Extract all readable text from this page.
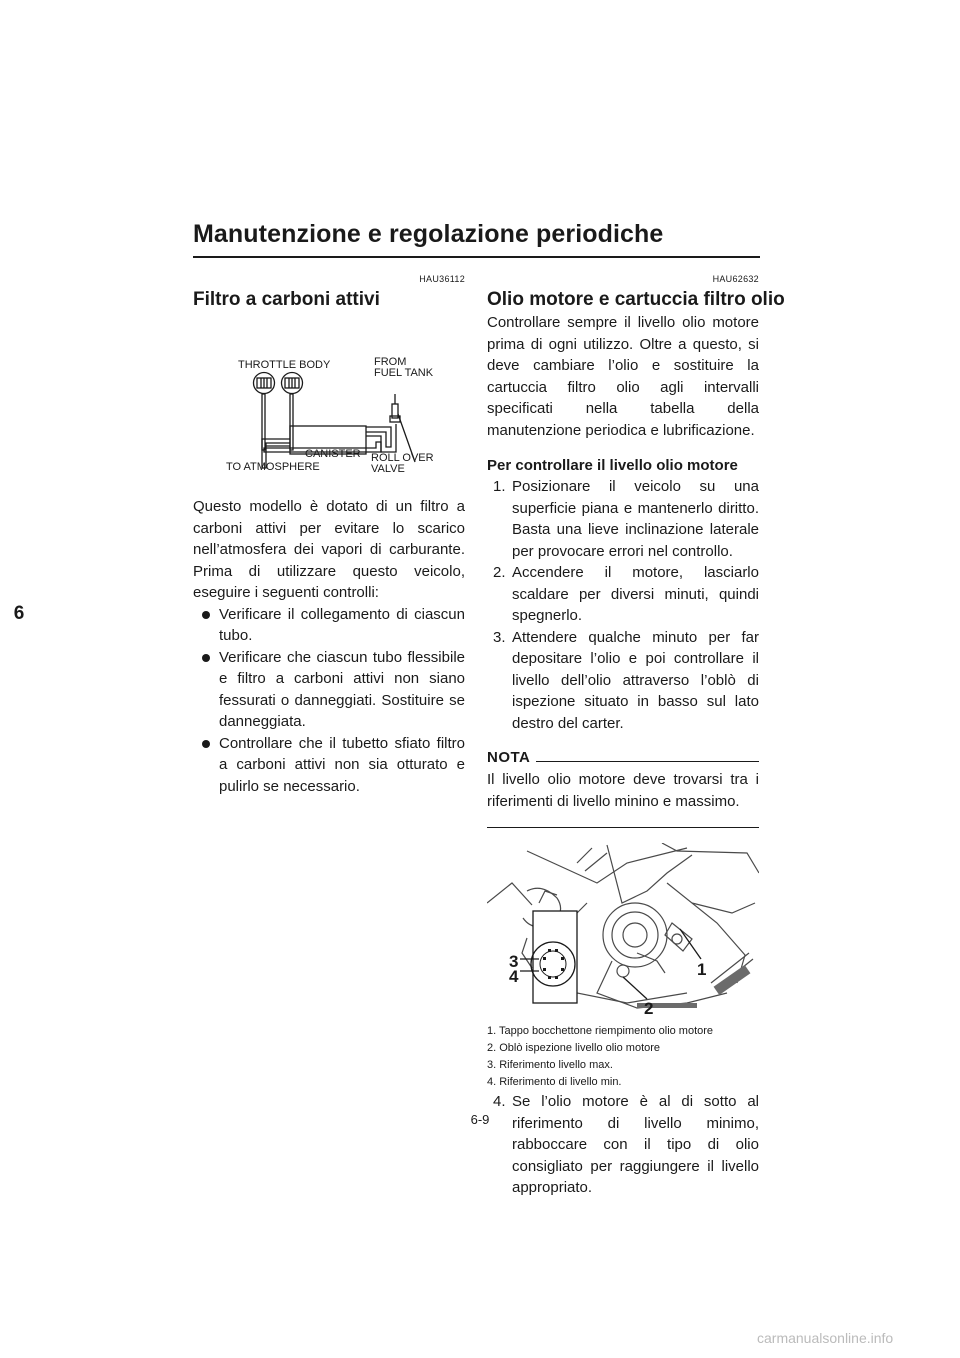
Manutenzione e regolazione periodiche
6
HAU36112
Filtro a carboni attivi
THROTTLE BODY	FROM
FUEL TANK
CANISTER
TO ATMOSPHERE
ROLL OVER
VALVE

Questo modello è dotato di un filtro a carboni attivi per evitare lo scarico nell’atmosfera dei vapori di carburante. Prima di utilizzare questo veicolo, eseguire i seguenti controlli:

Verificare il collegamento di ciascun tubo.
Verificare che ciascun tubo flessibile e filtro a carboni attivi non siano fessurati o danneggiati. Sostituire se danneggiata.
Controllare che il tubetto sfiato filtro a carboni attivi non sia otturato e pulirlo se necessario.
HAU62632
Olio motore e cartuccia filtro olio

Controllare sempre il livello olio motore prima di ogni utilizzo. Oltre a questo, si deve cambiare l’olio e sostituire la cartuccia filtro olio agli intervalli specificati nella tabella della manutenzione periodica e lubrificazione.

Per controllare il livello olio motore
1. Posizionare il veicolo su una superficie piana e mantenerlo diritto. Basta una lieve inclinazione laterale per provocare errori nel controllo.
2. Accendere il motore, lasciarlo scaldare per diversi minuti, quindi spegnerlo.
3. Attendere qualche minuto per far depositare l’olio e poi controllare il livello dell’olio attraverso l’oblò di ispezione situato in basso sul lato destro del carter.
NOTA

Il livello olio motore deve trovarsi tra i riferimenti di livello minino e massimo.

3
4	1
2
1. Tappo bocchettone riempimento olio motore
2. Oblò ispezione livello olio motore
3. Riferimento livello max.
4. Riferimento di livello min.
4. Se l’olio motore è al di sotto al riferimento di livello minimo, rabboccare con il tipo di olio consigliato per raggiungere il livello appropriato.
6-9
carmanualsonline.info
